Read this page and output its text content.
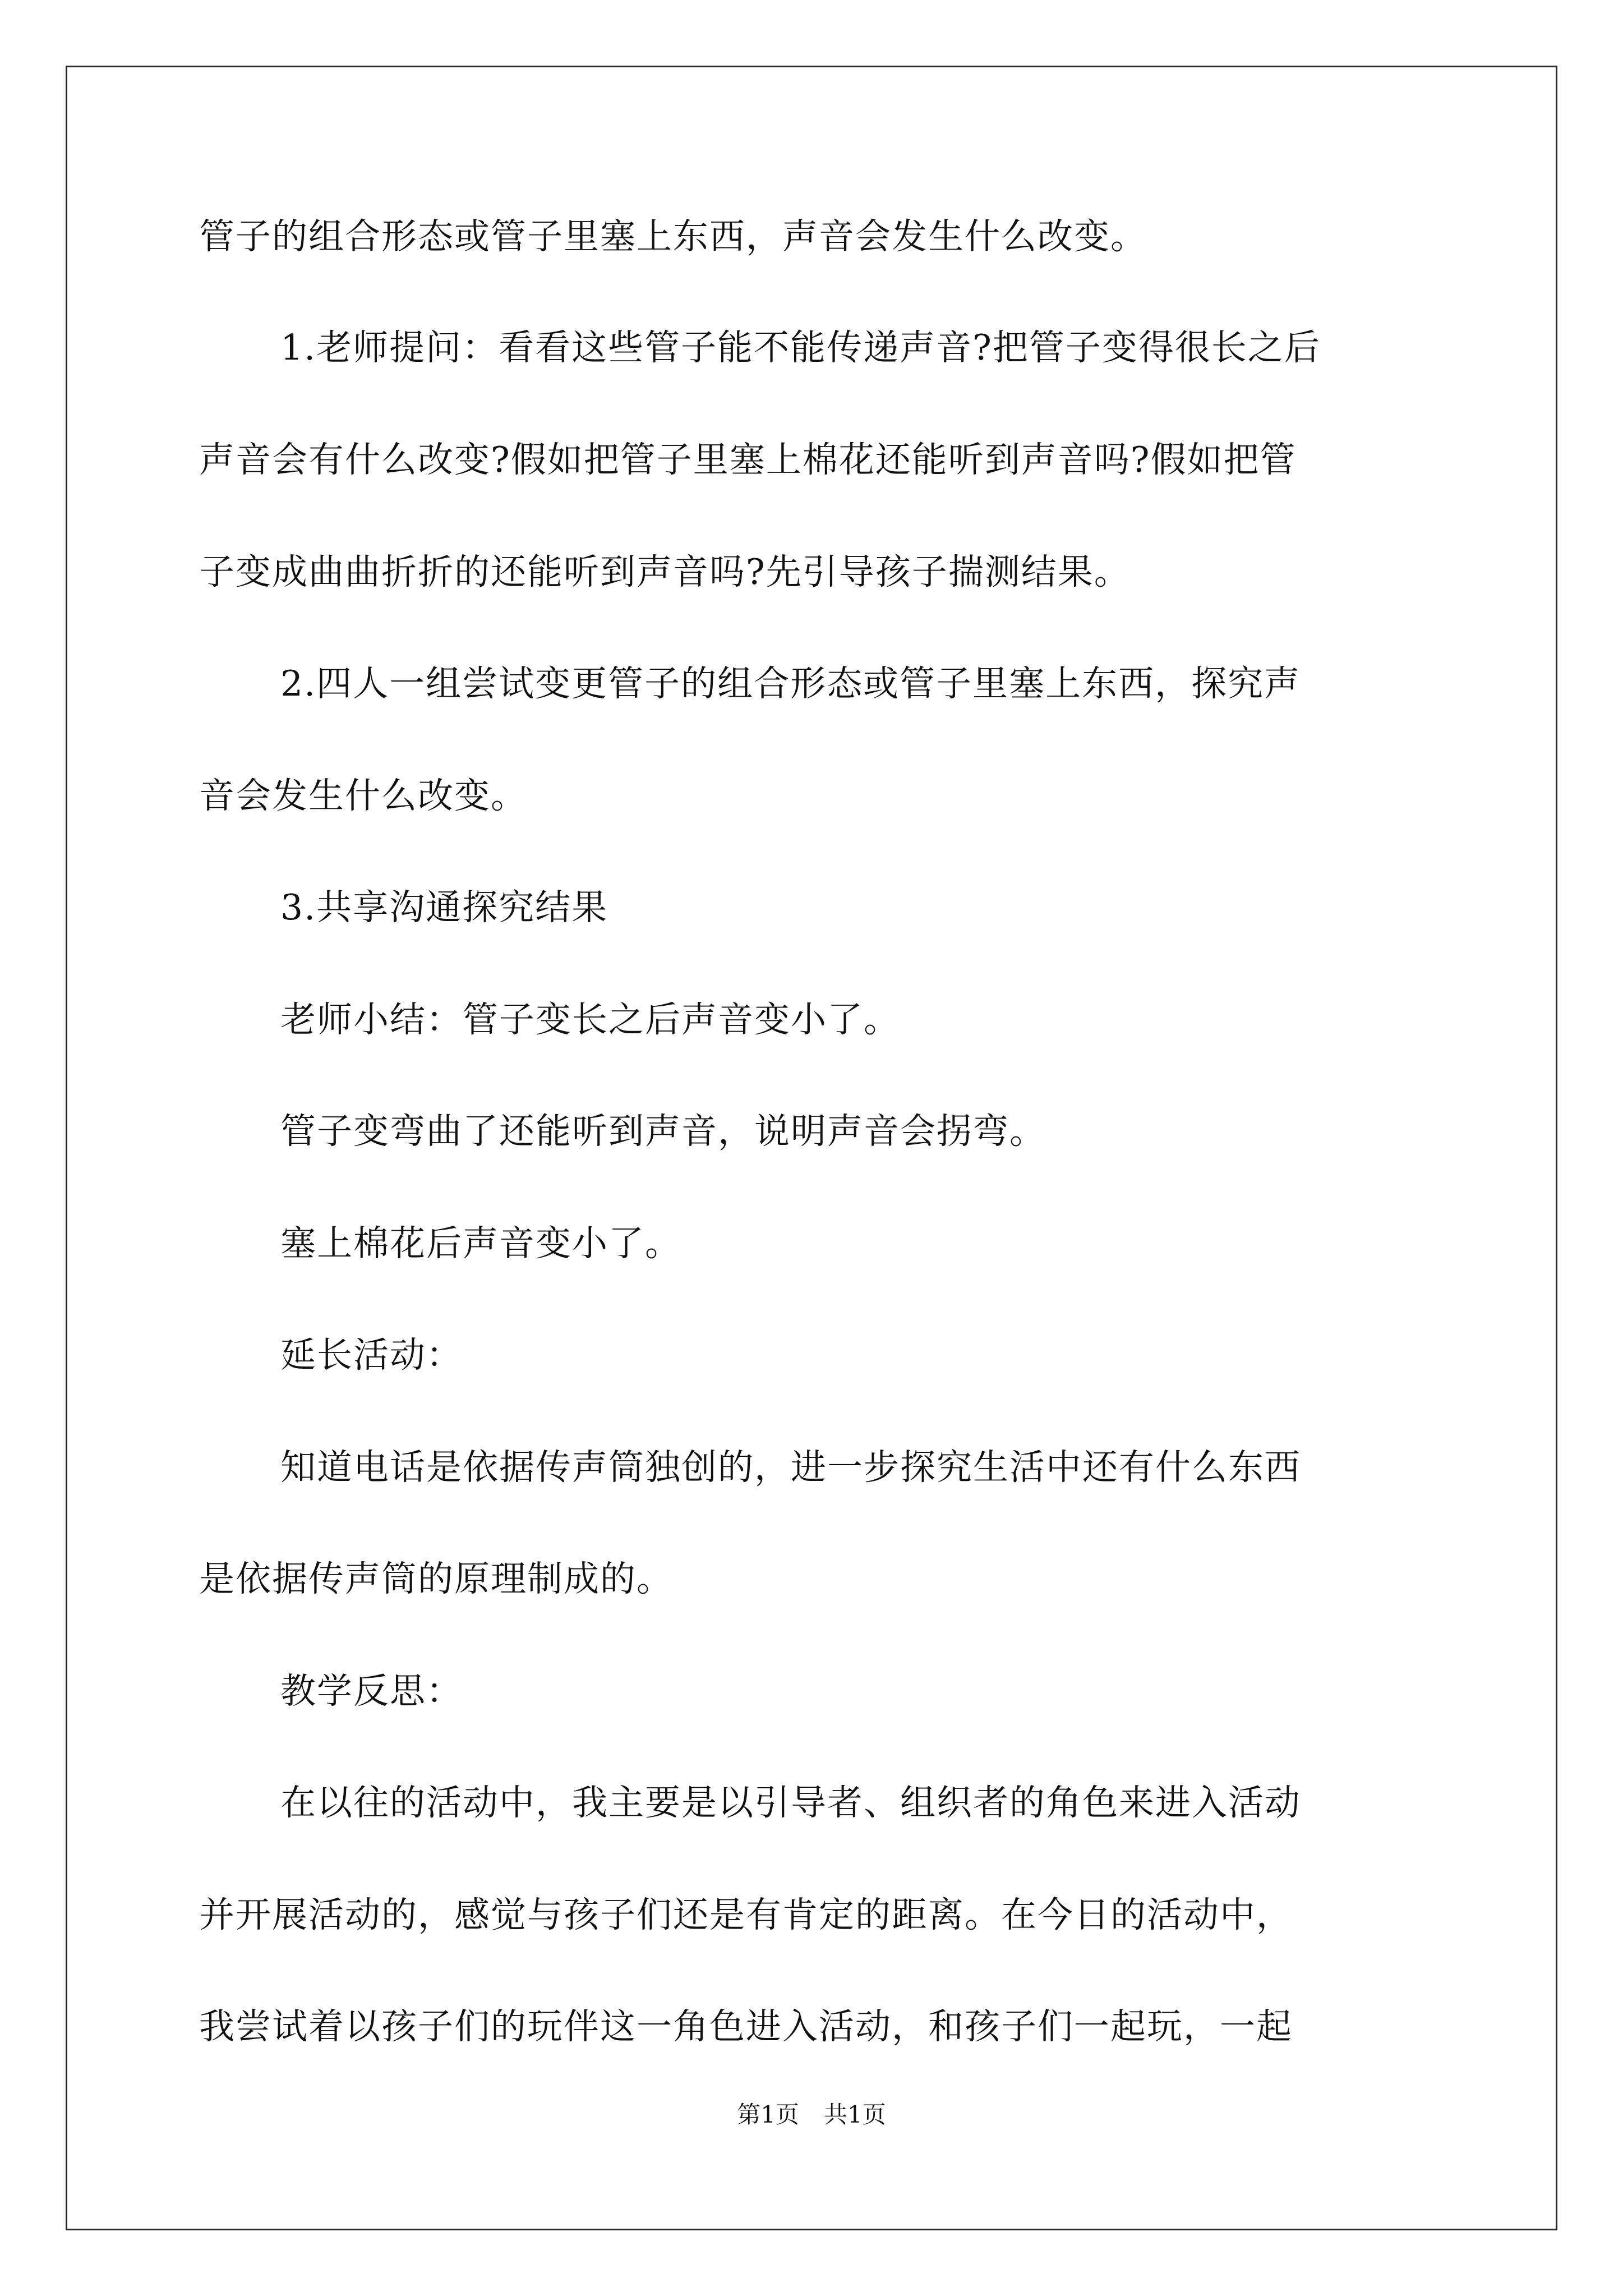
管子的组合形态或管子里塞上东西，声音会发生什么改变。
1.老师提问：看看这些管子能不能传递声音?把管子变得很长之后
声音会有什么改变?假如把管子里塞上棉花还能听到声音吗?假如把管
子变成曲曲折折的还能听到声音吗?先引导孩子揣测结果。
2.四人一组尝试变更管子的组合形态或管子里塞上东西，探究声
音会发生什么改变。
3.共享沟通探究结果
老师小结：管子变长之后声音变小了。
管子变弯曲了还能听到声音，说明声音会拐弯。
塞上棉花后声音变小了。
延长活动：
知道电话是依据传声筒独创的，进一步探究生活中还有什么东西
是依据传声筒的原理制成的。
教学反思：
在以往的活动中，我主要是以引导者、组织者的角色来进入活动
并开展活动的，感觉与孩子们还是有肯定的距离。在今日的活动中，
我尝试着以孩子们的玩伴这一角色进入活动，和孩子们一起玩，一起
第1页 共1页
